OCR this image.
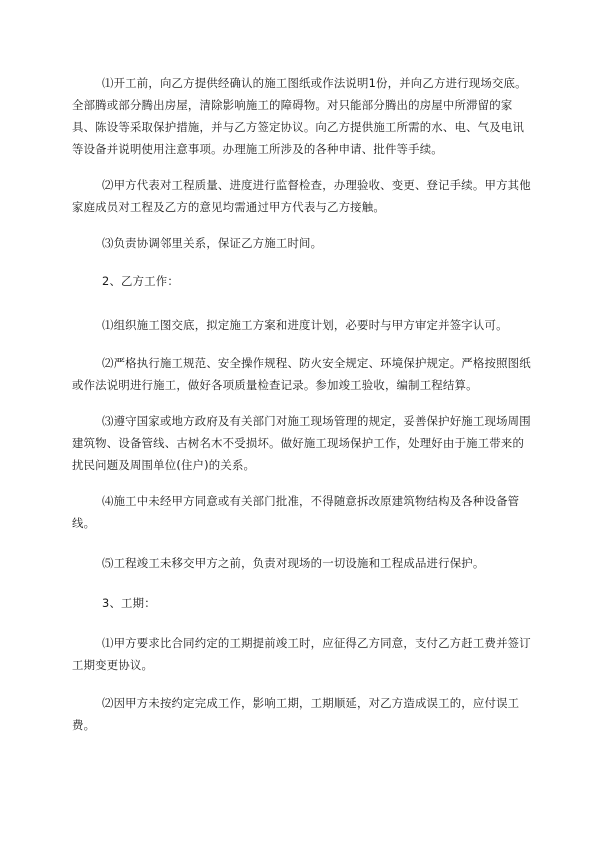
⑴开工前，向乙方提供经确认的施工图纸或作法说明1份，并向乙方进行现场交底。全部腾或部分腾出房屋，清除影响施工的障碍物。对只能部分腾出的房屋中所滞留的家具、陈设等采取保护措施，并与乙方签定协议。向乙方提供施工所需的水、电、气及电讯等设备并说明使用注意事项。办理施工所涉及的各种申请、批件等手续。

⑵甲方代表对工程质量、进度进行监督检查，办理验收、变更、登记手续。甲方其他家庭成员对工程及乙方的意见均需通过甲方代表与乙方接触。

⑶负责协调邻里关系，保证乙方施工时间。

2、乙方工作：

⑴组织施工图交底，拟定施工方案和进度计划，必要时与甲方审定并签字认可。

⑵严格执行施工规范、安全操作规程、防火安全规定、环境保护规定。严格按照图纸或作法说明进行施工，做好各项质量检查记录。参加竣工验收，编制工程结算。

⑶遵守国家或地方政府及有关部门对施工现场管理的规定，妥善保护好施工现场周围建筑物、设备管线、古树名木不受损坏。做好施工现场保护工作，处理好由于施工带来的扰民问题及周围单位(住户)的关系。

⑷施工中未经甲方同意或有关部门批准，不得随意拆改原建筑物结构及各种设备管线。

⑸工程竣工未移交甲方之前，负责对现场的一切设施和工程成品进行保护。

3、工期：

⑴甲方要求比合同约定的工期提前竣工时，应征得乙方同意，支付乙方赶工费并签订工期变更协议。

⑵因甲方未按约定完成工作，影响工期，工期顺延，对乙方造成误工的，应付误工费。
